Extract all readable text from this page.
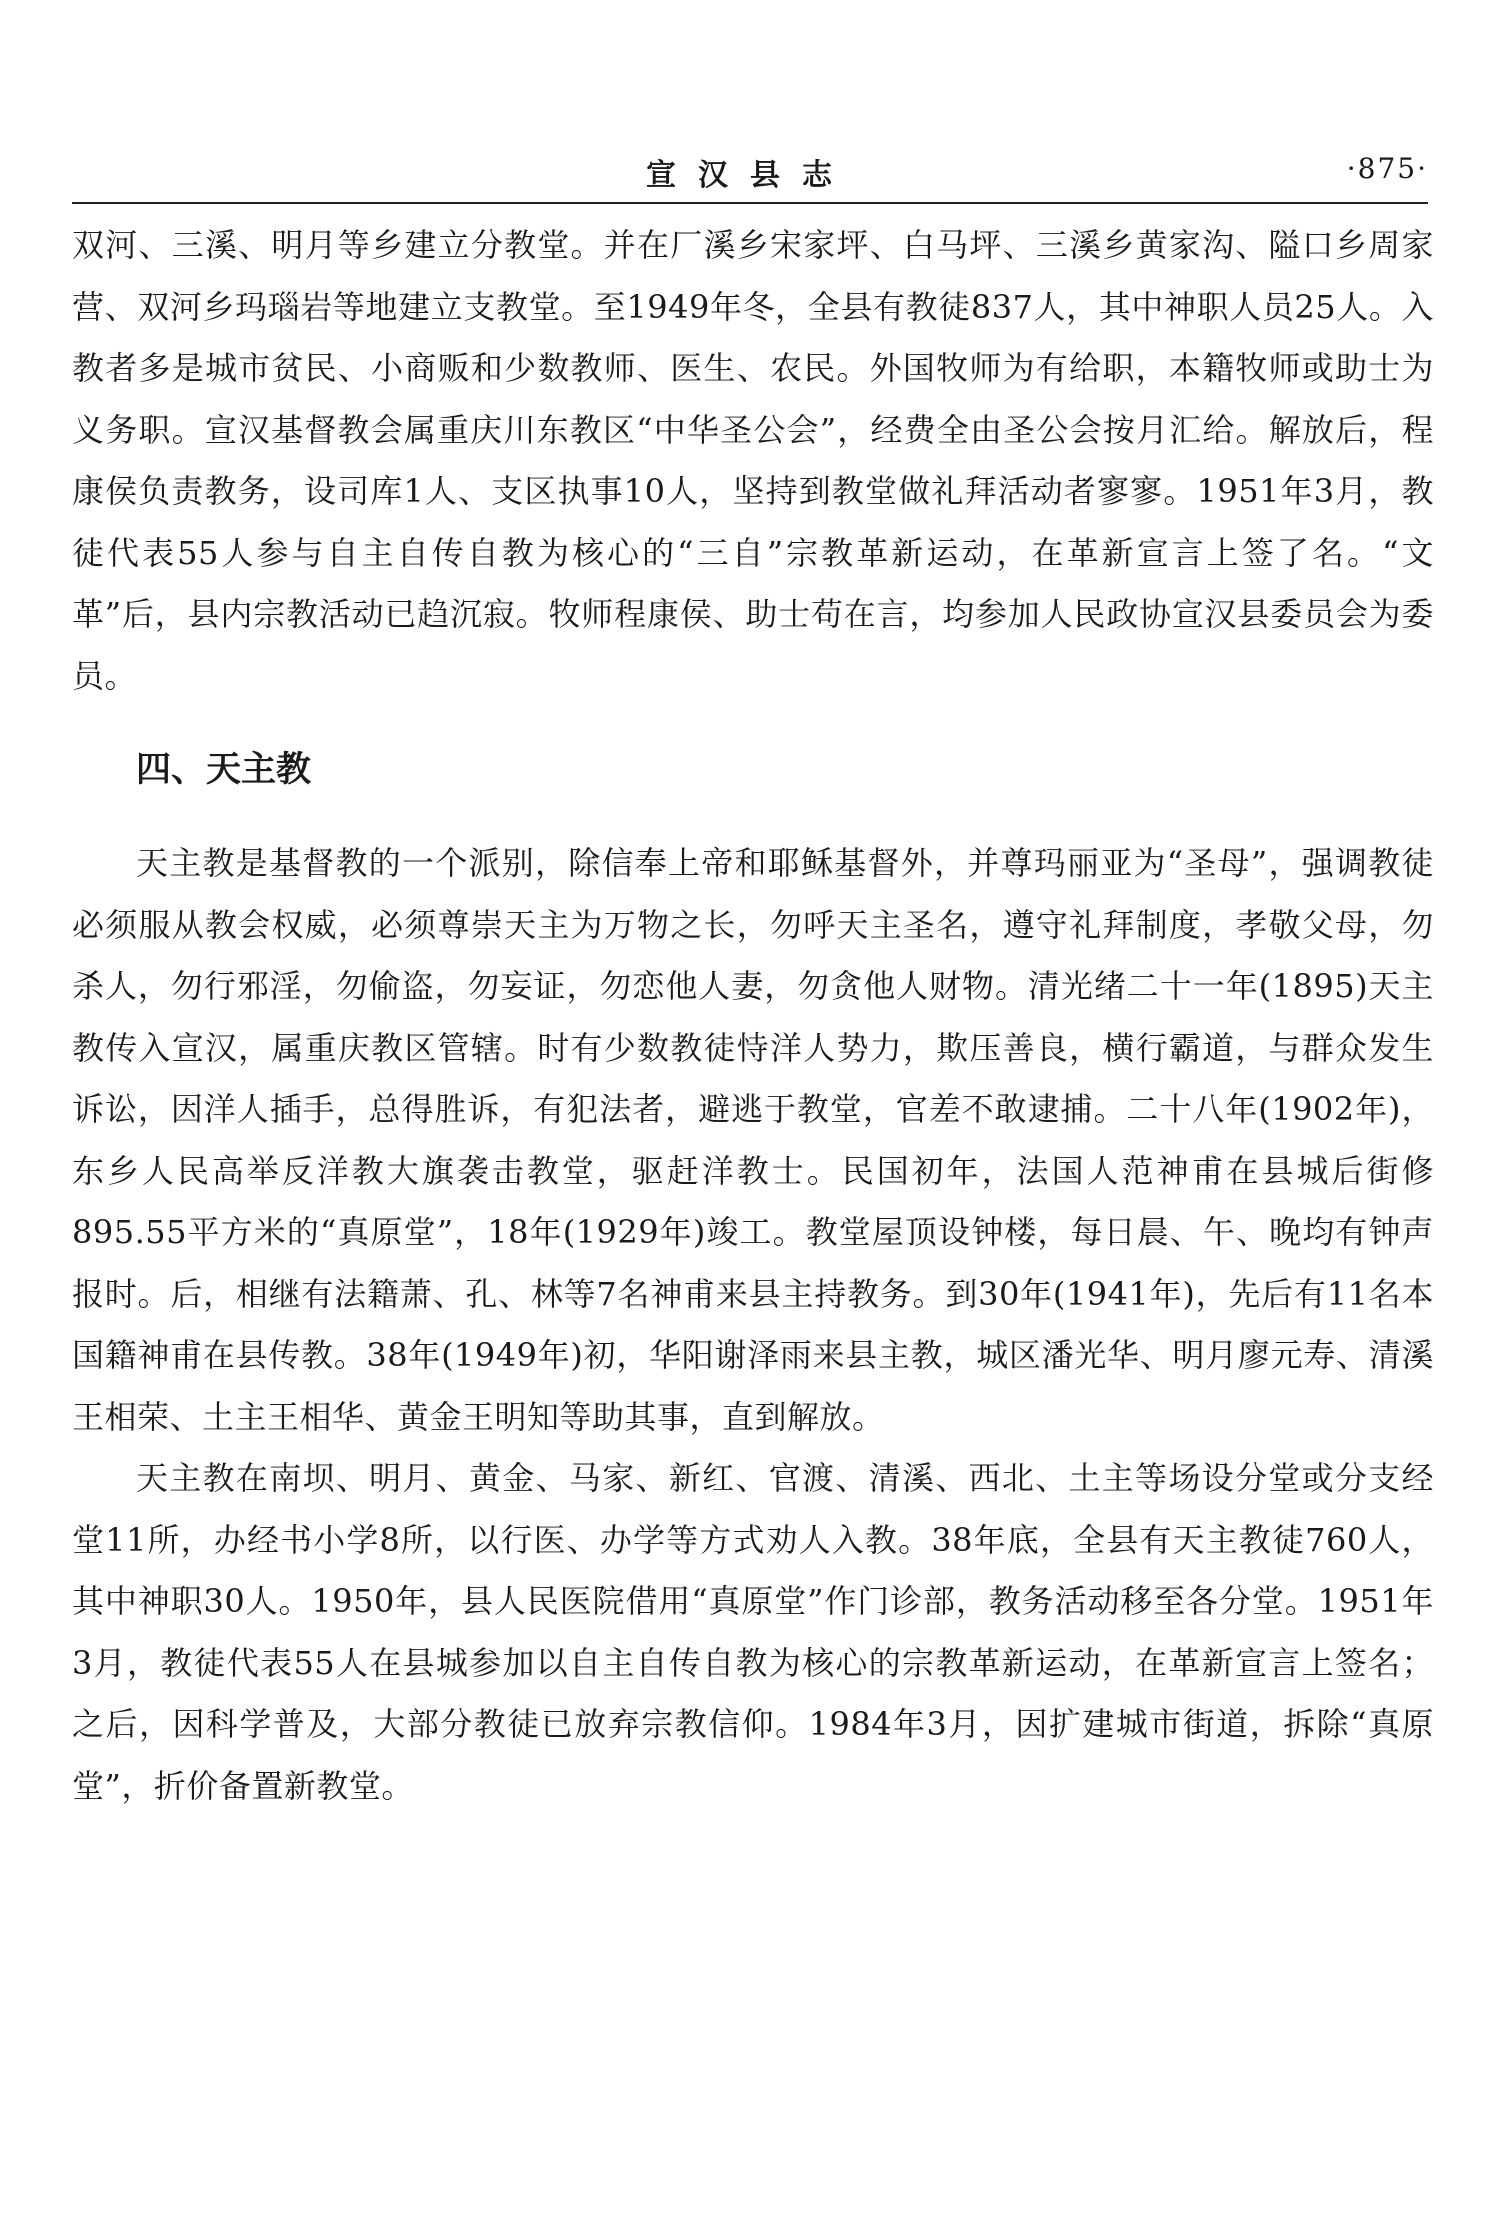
宣汉县志	·875·

双河、三溪、明月等乡建立分教堂。并在厂溪乡宋家坪、白马坪、三溪乡黄家沟、隘口乡周家营、双河乡玛瑙岩等地建立支教堂。至1949年冬，全县有教徒837人，其中神职人员25人。入教者多是城市贫民、小商贩和少数教师、医生、农民。外国牧师为有给职，本籍牧师或助士为义务职。宣汉基督教会属重庆川东教区“中华圣公会”，经费全由圣公会按月汇给。解放后，程康侯负责教务，设司库1人、支区执事10人，坚持到教堂做礼拜活动者寥寥。1951年3月，教徒代表55人参与自主自传自教为核心的“三自”宗教革新运动，在革新宣言上签了名。“文革”后，县内宗教活动已趋沉寂。牧师程康侯、助士苟在言，均参加人民政协宣汉县委员会为委员。

四、天主教

天主教是基督教的一个派别，除信奉上帝和耶稣基督外，并尊玛丽亚为“圣母”，强调教徒必须服从教会权威，必须尊崇天主为万物之长，勿呼天主圣名，遵守礼拜制度，孝敬父母，勿杀人，勿行邪淫，勿偷盗，勿妄证，勿恋他人妻，勿贪他人财物。清光绪二十一年(1895)天主教传入宣汉，属重庆教区管辖。时有少数教徒恃洋人势力，欺压善良，横行霸道，与群众发生诉讼，因洋人插手，总得胜诉，有犯法者，避逃于教堂，官差不敢逮捕。二十八年(1902年)，东乡人民高举反洋教大旗袭击教堂，驱赶洋教士。民国初年，法国人范神甫在县城后街修895.55平方米的“真原堂”，18年(1929年)竣工。教堂屋顶设钟楼，每日晨、午、晚均有钟声报时。后，相继有法籍萧、孔、林等7名神甫来县主持教务。到30年(1941年)，先后有11名本国籍神甫在县传教。38年(1949年)初，华阳谢泽雨来县主教，城区潘光华、明月廖元寿、清溪王相荣、土主王相华、黄金王明知等助其事，直到解放。

天主教在南坝、明月、黄金、马家、新红、官渡、清溪、西北、土主等场设分堂或分支经堂11所，办经书小学8所，以行医、办学等方式劝人入教。38年底，全县有天主教徒760人，其中神职30人。1950年，县人民医院借用“真原堂”作门诊部，教务活动移至各分堂。1951年3月，教徒代表55人在县城参加以自主自传自教为核心的宗教革新运动，在革新宣言上签名；之后，因科学普及，大部分教徒已放弃宗教信仰。1984年3月，因扩建城市街道，拆除“真原堂”，折价备置新教堂。
